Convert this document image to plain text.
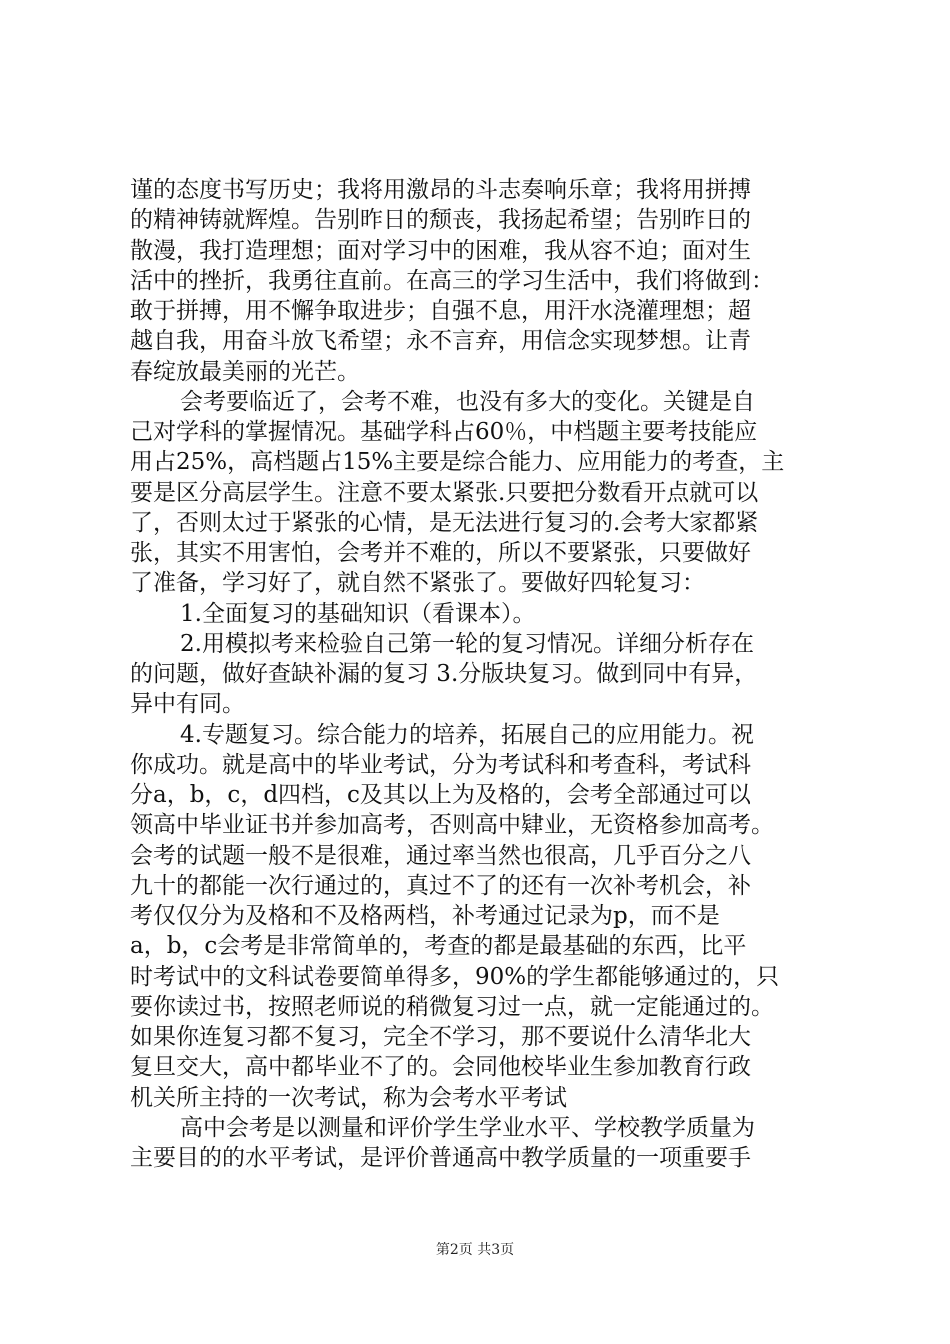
谨的态度书写历史；我将用激昂的斗志奏响乐章；我将用拼搏
的精神铸就辉煌。告别昨日的颓丧，我扬起希望；告别昨日的
散漫，我打造理想；面对学习中的困难，我从容不迫；面对生
活中的挫折，我勇往直前。在高三的学习生活中，我们将做到：
敢于拼搏，用不懈争取进步；自强不息，用汗水浇灌理想；超
越自我，用奋斗放飞希望；永不言弃，用信念实现梦想。让青
春绽放最美丽的光芒。
会考要临近了，会考不难，也没有多大的变化。关键是自
己对学科的掌握情况。基础学科占60％，中档题主要考技能应
用占25%，高档题占15%主要是综合能力、应用能力的考查，主
要是区分高层学生。注意不要太紧张.只要把分数看开点就可以
了，否则太过于紧张的心情，是无法进行复习的.会考大家都紧
张，其实不用害怕，会考并不难的，所以不要紧张，只要做好
了准备，学习好了，就自然不紧张了。要做好四轮复习：
1.全面复习的基础知识（看课本）。
2.用模拟考来检验自己第一轮的复习情况。详细分析存在
的问题，做好查缺补漏的复习 3.分版块复习。做到同中有异，
异中有同。
4.专题复习。综合能力的培养，拓展自己的应用能力。祝
你成功。就是高中的毕业考试，分为考试科和考查科，考试科
分a，b，c，d四档，c及其以上为及格的，会考全部通过可以
领高中毕业证书并参加高考，否则高中肄业，无资格参加高考。
会考的试题一般不是很难，通过率当然也很高，几乎百分之八
九十的都能一次行通过的，真过不了的还有一次补考机会，补
考仅仅分为及格和不及格两档，补考通过记录为p，而不是
a，b，c会考是非常简单的，考查的都是最基础的东西，比平
时考试中的文科试卷要简单得多，90%的学生都能够通过的，只
要你读过书，按照老师说的稍微复习过一点，就一定能通过的。
如果你连复习都不复习，完全不学习，那不要说什么清华北大
复旦交大，高中都毕业不了的。会同他校毕业生参加教育行政
机关所主持的一次考试，称为会考水平考试
高中会考是以测量和评价学生学业水平、学校教学质量为
主要目的的水平考试，是评价普通高中教学质量的一项重要手
第2页 共3页
